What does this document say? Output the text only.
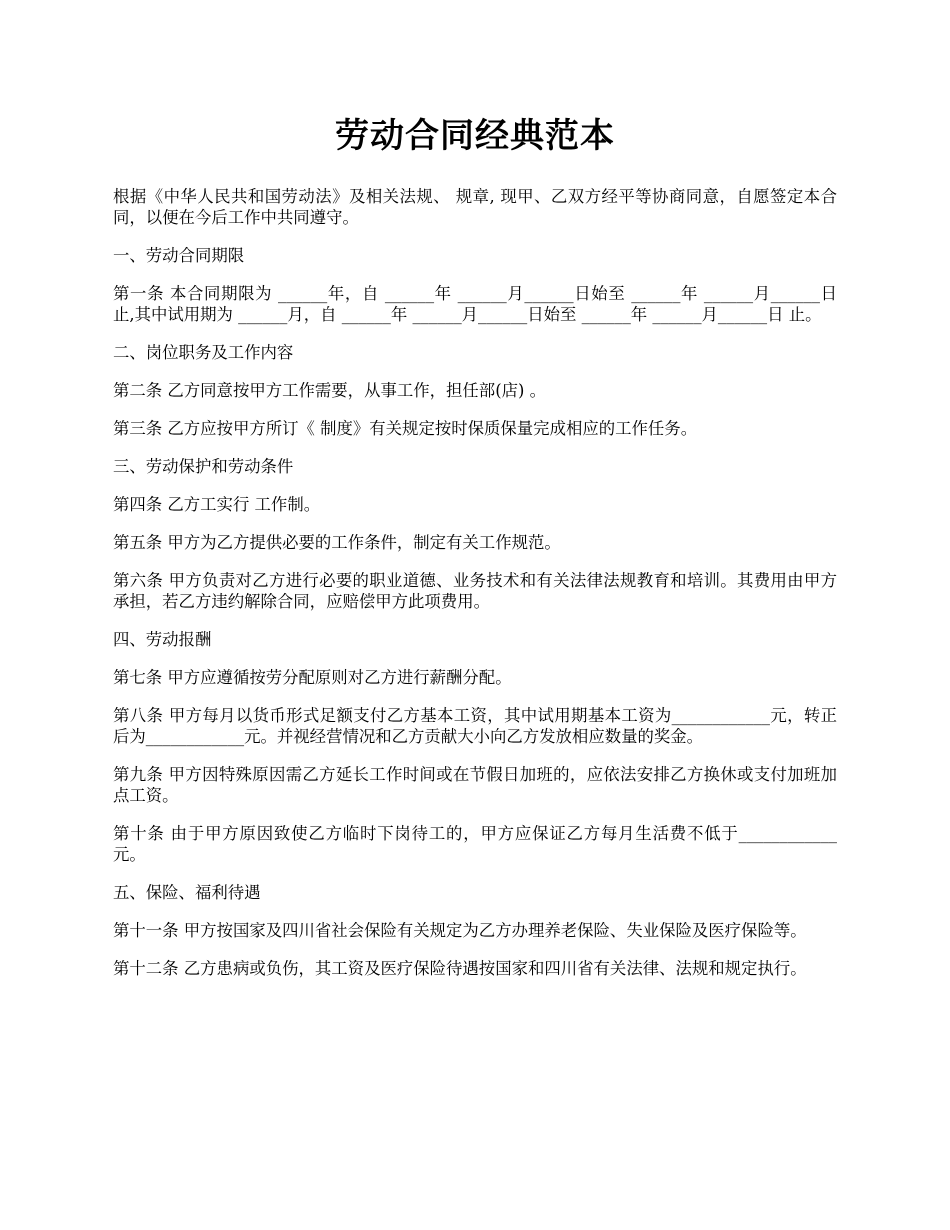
劳动合同经典范本

根据《中华人民共和国劳动法》及相关法规、 规章, 现甲、乙双方经平等协商同意，自愿签定本合同，以便在今后工作中共同遵守。

一、劳动合同期限

第一条 本合同期限为 ______年，自 ______年 ______月______日始至 ______年 ______月______日止,其中试用期为 ______月，自 ______年 ______月______日始至 ______年 ______月______日 止。

二、岗位职务及工作内容

第二条 乙方同意按甲方工作需要，从事工作，担任部(店) 。

第三条 乙方应按甲方所订《 制度》有关规定按时保质保量完成相应的工作任务。

三、劳动保护和劳动条件

第四条 乙方工实行 工作制。

第五条 甲方为乙方提供必要的工作条件，制定有关工作规范。

第六条 甲方负责对乙方进行必要的职业道德、业务技术和有关法律法规教育和培训。其费用由甲方承担，若乙方违约解除合同，应赔偿甲方此项费用。

四、劳动报酬

第七条 甲方应遵循按劳分配原则对乙方进行薪酬分配。

第八条 甲方每月以货币形式足额支付乙方基本工资，其中试用期基本工资为____________元，转正后为____________元。并视经营情况和乙方贡献大小向乙方发放相应数量的奖金。

第九条 甲方因特殊原因需乙方延长工作时间或在节假日加班的，应依法安排乙方换休或支付加班加点工资。

第十条 由于甲方原因致使乙方临时下岗待工的，甲方应保证乙方每月生活费不低于____________元。

五、保险、福利待遇

第十一条 甲方按国家及四川省社会保险有关规定为乙方办理养老保险、失业保险及医疗保险等。

第十二条 乙方患病或负伤，其工资及医疗保险待遇按国家和四川省有关法律、法规和规定执行。
